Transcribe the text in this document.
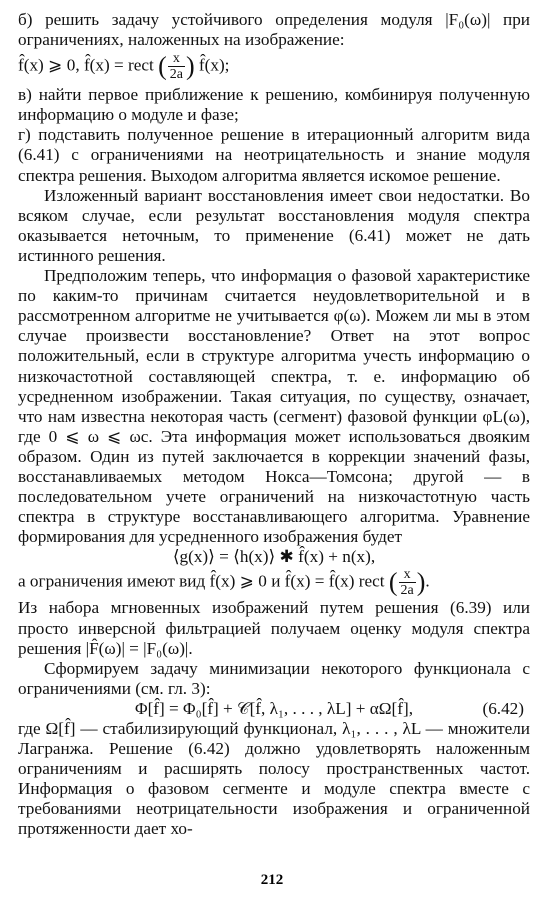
б) решить задачу устойчивого определения модуля |F₀(ω)| при ограничениях, наложенных на изображение:

f̂(x) ⩾ 0, f̂(x) = rect ( $\frac{x}{2a}$ ) f̂(x);

в) найти первое приближение к решению, комбинируя полученную информацию о модуле и фазе;

г) подставить полученное решение в итерационный алгоритм вида (6.41) с ограничениями на неотрицательность и знание модуля спектра решения. Выходом алгоритма является искомое решение.

Изложенный вариант восстановления имеет свои недостатки. Во всяком случае, если результат восстановления модуля спектра оказывается неточным, то применение (6.41) может не дать истинного решения.

Предположим теперь, что информация о фазовой характеристике по каким-то причинам считается неудовлетворительной и в рассмотренном алгоритме не учитывается φ(ω). Можем ли мы в этом случае произвести восстановление? Ответ на этот вопрос положительный, если в структуре алгоритма учесть информацию о низкочастотной составляющей спектра, т. е. информацию об усредненном изображении. Такая ситуация, по существу, означает, что нам известна некоторая часть (сегмент) фазовой функции φL(ω), где 0 ⩽ ω ⩽ ωc. Эта информация может использоваться двояким образом. Один из путей заключается в коррекции значений фазы, восстанавливаемых методом Нокса—Томсона; другой — в последовательном учете ограничений на низкочастотную часть спектра в структуре восстанавливающего алгоритма. Уравнение формирования для усредненного изображения будет

⟨g(x)⟩ = ⟨h(x)⟩ ✱ f̂(x) + n(x),

а ограничения имеют вид f̂(x) ⩾ 0 и f̂(x) = f̂(x) rect ( $\frac{x}{2a}$ ).

Из набора мгновенных изображений путем решения (6.39) или просто инверсной фильтрацией получаем оценку модуля спектра решения |F̂(ω)| = |F₀(ω)|.

Сформируем задачу минимизации некоторого функционала с ограничениями (см. гл. 3):

Φ[f̂] = Φ₀[f̂] + 𝒞[f̂, λ₁, . . . , λL] + αΩ[f̂],	(6.42)

где Ω[f̂] — стабилизирующий функционал, λ₁, . . . , λL — множители Лагранжа. Решение (6.42) должно удовлетворять наложенным ограничениям и расширять полосу пространственных частот. Информация о фазовом сегменте и модуле спектра вместе с требованиями неотрицательности изображения и ограниченной протяженности дает хо-

212
